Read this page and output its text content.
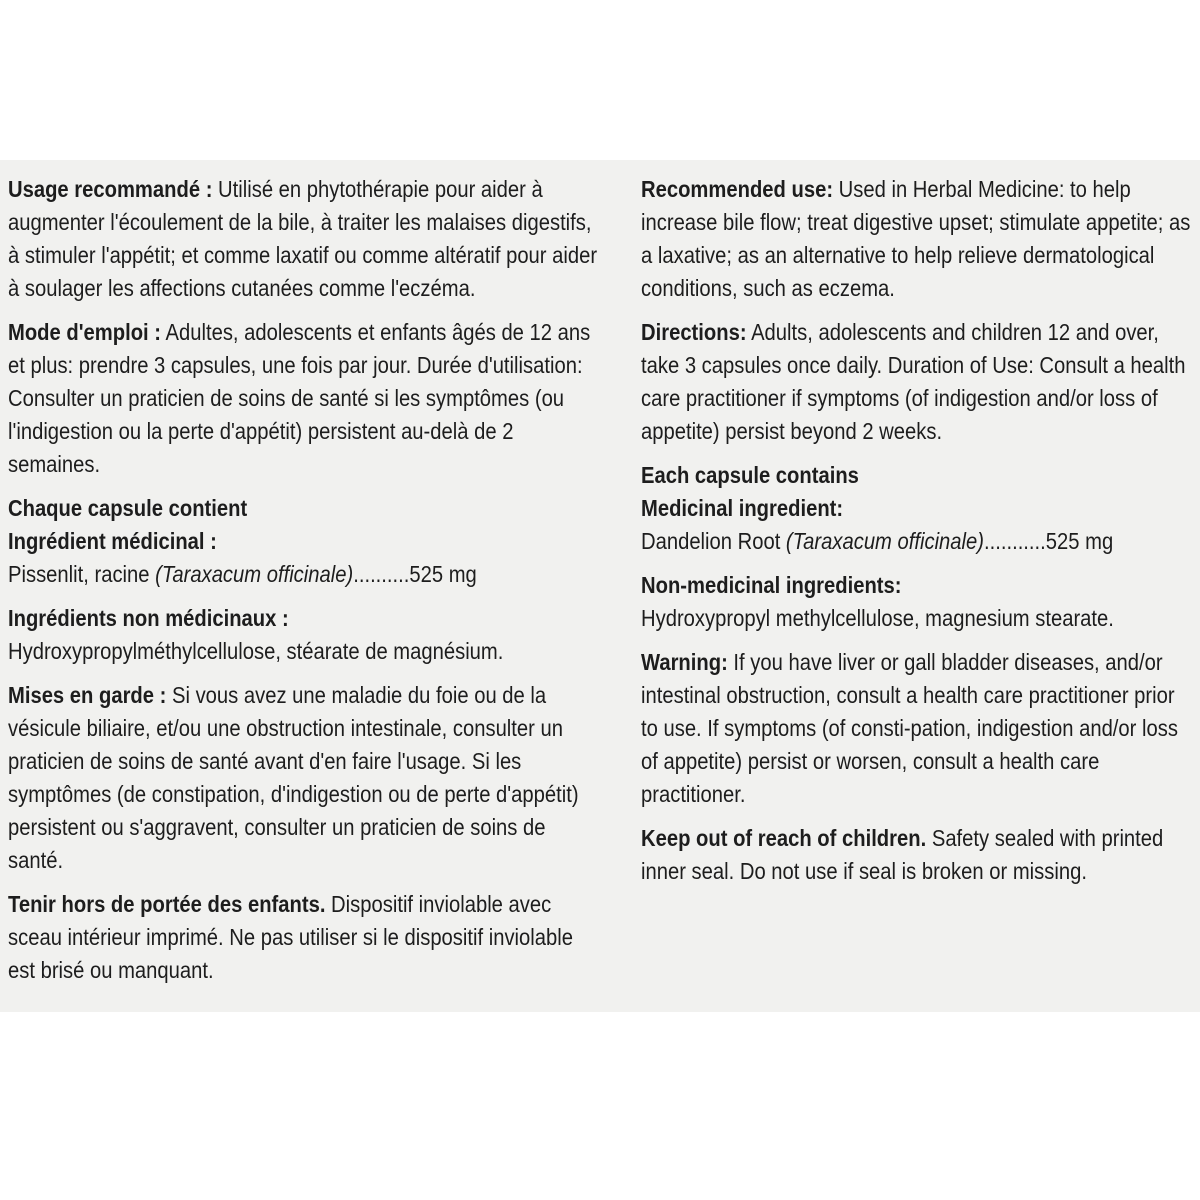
Usage recommandé : Utilisé en phytothérapie pour aider à augmenter l'écoulement de la bile, à traiter les malaises digestifs, à stimuler l'appétit; et comme laxatif ou comme altératif pour aider à soulager les affections cutanées comme l'eczéma.

Mode d'emploi : Adultes, adolescents et enfants âgés de 12 ans et plus: prendre 3 capsules, une fois par jour. Durée d'utilisation: Consulter un praticien de soins de santé si les symptômes (ou l'indigestion ou la perte d'appétit) persistent au-delà de 2 semaines.

Chaque capsule contient

Ingrédient médicinal :

Pissenlit, racine (Taraxacum officinale)..........525 mg

Ingrédients non médicinaux :

Hydroxypropylméthylcellulose, stéarate de magnésium.

Mises en garde : Si vous avez une maladie du foie ou de la vésicule biliaire, et/ou une obstruction intestinale, consulter un praticien de soins de santé avant d'en faire l'usage. Si les symptômes (de constipation, d'indigestion ou de perte d'appétit) persistent ou s'aggravent, consulter un praticien de soins de santé.

Tenir hors de portée des enfants. Dispositif inviolable avec sceau intérieur imprimé. Ne pas utiliser si le dispositif inviolable est brisé ou manquant.

Recommended use: Used in Herbal Medicine: to help increase bile flow; treat digestive upset; stimulate appetite; as a laxative; as an alternative to help relieve dermatological conditions, such as eczema.

Directions: Adults, adolescents and children 12 and over, take 3 capsules once daily. Duration of Use: Consult a health care practitioner if symptoms (of indigestion and/or loss of appetite) persist beyond 2 weeks.

Each capsule contains

Medicinal ingredient:

Dandelion Root (Taraxacum officinale)...........525 mg

Non-medicinal ingredients:

Hydroxypropyl methylcellulose, magnesium stearate.

Warning: If you have liver or gall bladder diseases, and/or intestinal obstruction, consult a health care practitioner prior to use. If symptoms (of consti-pation, indigestion and/or loss of appetite) persist or worsen, consult a health care practitioner.

Keep out of reach of children. Safety sealed with printed inner seal. Do not use if seal is broken or missing.
